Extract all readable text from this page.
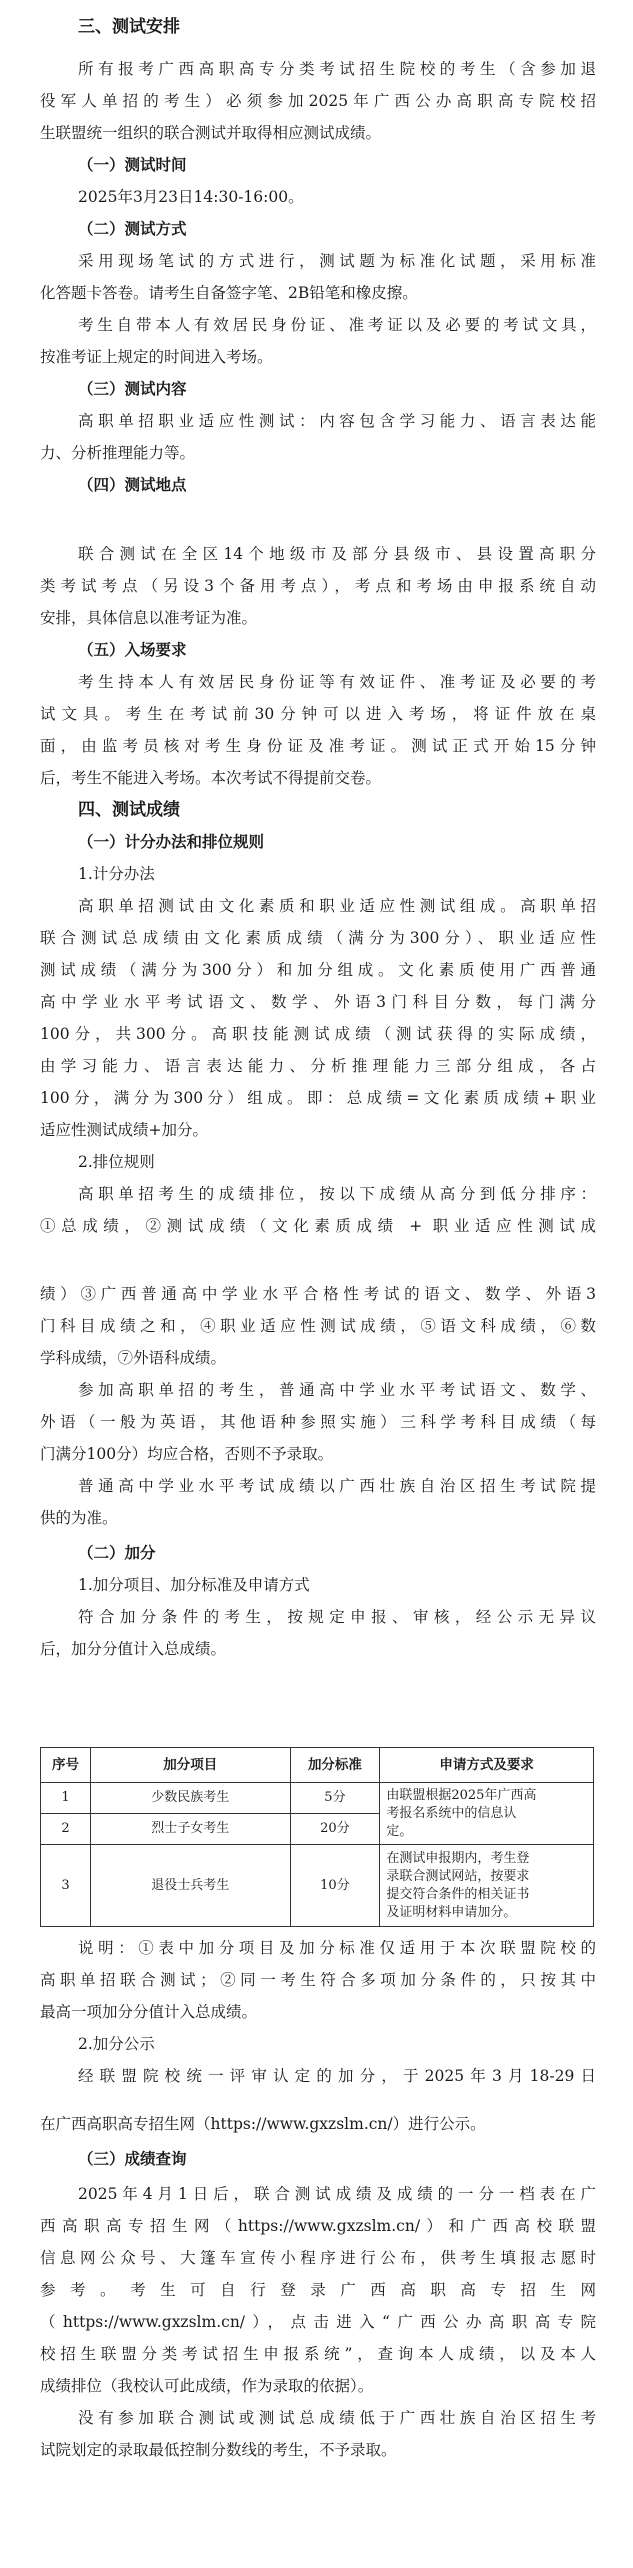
三、测试安排
所有报考广西高职高专分类考试招生院校的考生（含参加退
役军人单招的考生）必须参加2025年广西公办高职高专院校招
生联盟统一组织的联合测试并取得相应测试成绩。
（一）测试时间
2025年3月23日14:30-16:00。
（二）测试方式
采用现场笔试的方式进行，测试题为标准化试题，采用标准
化答题卡答卷。请考生自备签字笔、2B铅笔和橡皮擦。
考生自带本人有效居民身份证、准考证以及必要的考试文具，
按准考证上规定的时间进入考场。
（三）测试内容
高职单招职业适应性测试：内容包含学习能力、语言表达能
力、分析推理能力等。
（四）测试地点
联合测试在全区14个地级市及部分县级市、县设置高职分
类考试考点（另设3个备用考点），考点和考场由申报系统自动
安排，具体信息以准考证为准。
（五）入场要求
考生持本人有效居民身份证等有效证件、准考证及必要的考
试文具。考生在考试前30分钟可以进入考场，将证件放在桌
面，由监考员核对考生身份证及准考证。测试正式开始15分钟
后，考生不能进入考场。本次考试不得提前交卷。
四、测试成绩
（一）计分办法和排位规则
1.计分办法
高职单招测试由文化素质和职业适应性测试组成。高职单招
联合测试总成绩由文化素质成绩（满分为300分）、职业适应性
测试成绩（满分为300分）和加分组成。文化素质使用广西普通
高中学业水平考试语文、数学、外语3门科目分数，每门满分
100分，共300分。高职技能测试成绩（测试获得的实际成绩，
由学习能力、语言表达能力、分析推理能力三部分组成，各占
100分，满分为300分）组成。即：总成绩=文化素质成绩+职业
适应性测试成绩+加分。
2.排位规则
高职单招考生的成绩排位，按以下成绩从高分到低分排序：
①总成绩，②测试成绩（文化素质成绩 + 职业适应性测试成
绩）③广西普通高中学业水平合格性考试的语文、数学、外语3
门科目成绩之和，④职业适应性测试成绩，⑤语文科成绩，⑥数
学科成绩，⑦外语科成绩。
参加高职单招的考生，普通高中学业水平考试语文、数学、
外语（一般为英语，其他语种参照实施）三科学考科目成绩（每
门满分100分）均应合格，否则不予录取。
普通高中学业水平考试成绩以广西壮族自治区招生考试院提
供的为准。
（二）加分
1.加分项目、加分标准及申请方式
符合加分条件的考生，按规定申报、审核，经公示无异议
后，加分分值计入总成绩。
序号	加分项目	加分标准	申请方式及要求
1	少数民族考生	5分	由联盟根据2025年广西高
考报名系统中的信息认
定。

2	烈士子女考生	20分	
3	退役士兵考生	10分	在测试申报期内，考生登
录联合测试网站，按要求
提交符合条件的相关证书
及证明材料申请加分。
说明：①表中加分项目及加分标准仅适用于本次联盟院校的
高职单招联合测试；②同一考生符合多项加分条件的，只按其中
最高一项加分分值计入总成绩。
2.加分公示
经联盟院校统一评审认定的加分，于2025年3月18-29日
在广西高职高专招生网（https://www.gxzslm.cn/）进行公示。
（三）成绩查询
2025年4月1日后，联合测试成绩及成绩的一分一档表在广
西高职高专招生网（https://www.gxzslm.cn/）和广西高校联盟
信息网公众号、大篷车宣传小程序进行公布，供考生填报志愿时
参考。考生可自行登录广西高职高专招生网
（https://www.gxzslm.cn/），点击进入“广西公办高职高专院
校招生联盟分类考试招生申报系统”，查询本人成绩，以及本人
成绩排位（我校认可此成绩，作为录取的依据）。
没有参加联合测试或测试总成绩低于广西壮族自治区招生考
试院划定的录取最低控制分数线的考生，不予录取。
